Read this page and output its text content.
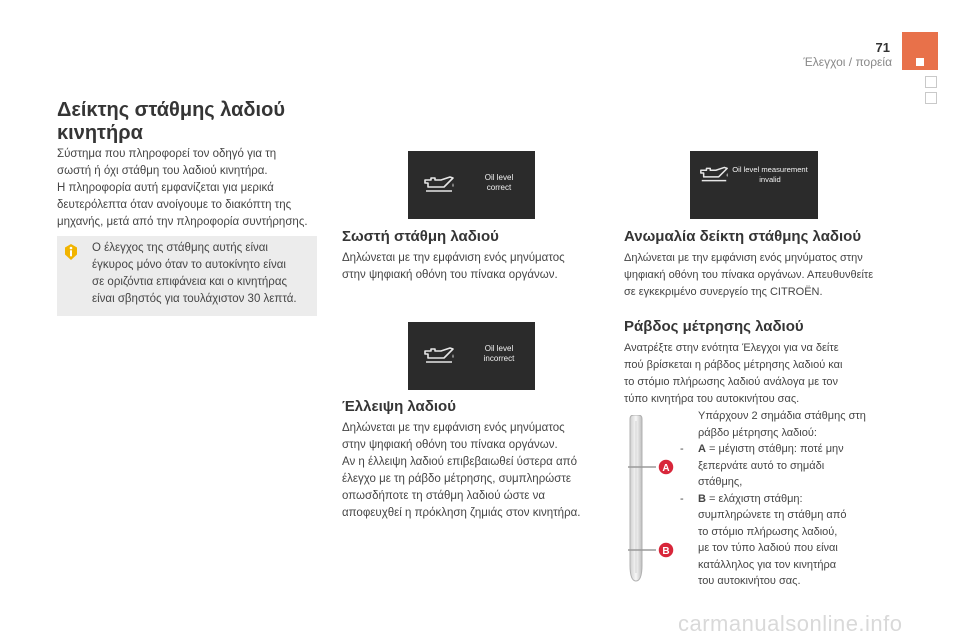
71
Έλεγχοι / πορεία
Δείκτης στάθμης λαδιού
κινητήρα

Σύστημα που πληροφορεί τον οδηγό για τη

σωστή ή όχι στάθμη του λαδιού κινητήρα.

Η πληροφορία αυτή εμφανίζεται για μερικά

δευτερόλεπτα όταν ανοίγουμε το διακόπτη της

μηχανής, μετά από την πληροφορία συντήρησης.

Ο έλεγχος της στάθμης αυτής είναι
έγκυρος μόνο όταν το αυτοκίνητο είναι
σε οριζόντια επιφάνεια και ο κινητήρας
είναι σβηστός για τουλάχιστον 30 λεπτά.
Oil level
correct
Σωστή στάθμη λαδιού

Δηλώνεται με την εμφάνιση ενός μηνύματος

στην ψηφιακή οθόνη του πίνακα οργάνων.

Oil level
incorrect
Έλλειψη λαδιού

Δηλώνεται με την εμφάνιση ενός μηνύματος

στην ψηφιακή οθόνη του πίνακα οργάνων.

Αν η έλλειψη λαδιού επιβεβαιωθεί ύστερα από

έλεγχο με τη ράβδο μέτρησης, συμπληρώστε

οπωσδήποτε τη στάθμη λαδιού ώστε να

αποφευχθεί η πρόκληση ζημιάς στον κινητήρα.

Oil level measurement
invalid
Ανωμαλία δείκτη στάθμης λαδιού

Δηλώνεται με την εμφάνιση ενός μηνύματος στην

ψηφιακή οθόνη του πίνακα οργάνων. Απευθυνθείτε

σε εγκεκριμένο συνεργείο της CITROËN.

Ράβδος μέτρησης λαδιού

Ανατρέξτε στην ενότητα Έλεγχοι για να δείτε

πού βρίσκεται η ράβδος μέτρησης λαδιού και

το στόμιο πλήρωσης λαδιού ανάλογα με τον

τύπο κινητήρα του αυτοκινήτου σας.

A
B
Υπάρχουν 2 σημάδια στάθμης στη
ράβδο μέτρησης λαδιού:
- A = μέγιστη στάθμη: ποτέ μην
ξεπερνάτε αυτό το σημάδι
στάθμης,
- B = ελάχιστη στάθμη:
συμπληρώνετε τη στάθμη από
το στόμιο πλήρωσης λαδιού,
με τον τύπο λαδιού που είναι
κατάλληλος για τον κινητήρα
του αυτοκινήτου σας.
carmanualsonline.info
